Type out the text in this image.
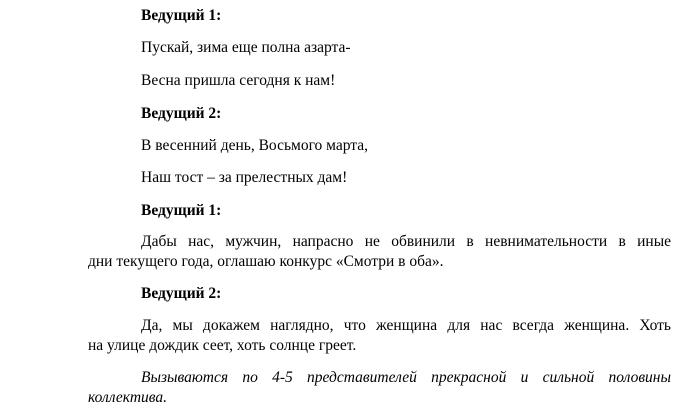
Ведущий 1:

Пускай, зима еще полна азарта-

Весна пришла сегодня к нам!

Ведущий 2:

В весенний день, Восьмого марта,

Наш тост – за прелестных дам!

Ведущий 1:

Дабы нас, мужчин, напрасно не обвинили в невнимательности в иные

дни текущего года, оглашаю конкурс «Смотри в оба».

Ведущий 2:

Да, мы докажем наглядно, что женщина для нас всегда женщина. Хоть

на улице дождик сеет, хоть солнце греет.

Вызываются по 4-5 представителей прекрасной и сильной половины

коллектива.
